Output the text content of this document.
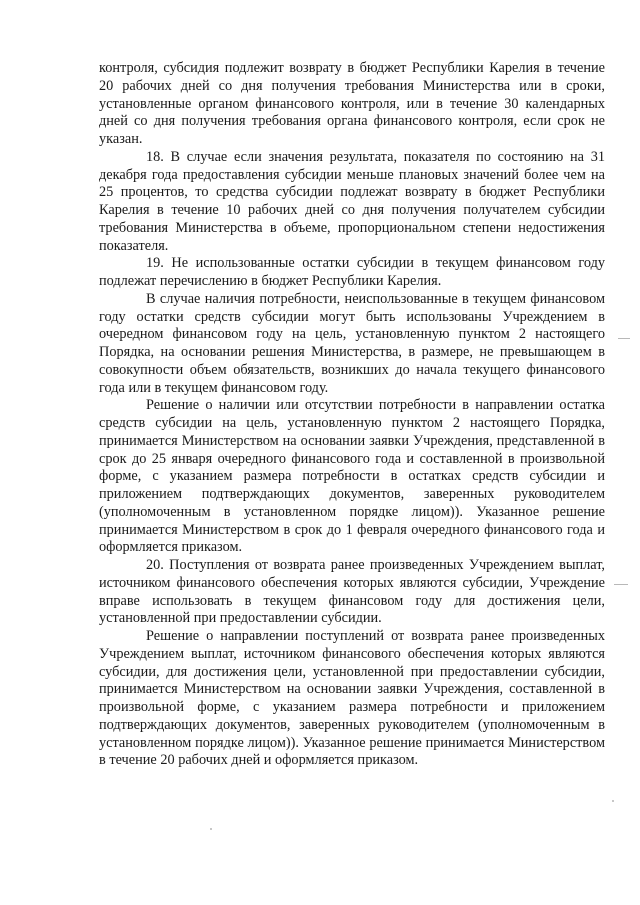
контроля, субсидия подлежит возврату в бюджет Республики Карелия в течение 20 рабочих дней со дня получения требования Министерства или в сроки, установленные органом финансового контроля, или в течение 30 календарных дней со дня получения требования органа финансового контроля, если срок не указан.

18. В случае если значения результата, показателя по состоянию на 31 декабря года предоставления субсидии меньше плановых значений более чем на 25 процентов, то средства субсидии подлежат возврату в бюджет Республики Карелия в течение 10 рабочих дней со дня получения получателем субсидии требования Министерства в объеме, пропорциональном степени недостижения показателя.

19. Не использованные остатки субсидии в текущем финансовом году подлежат перечислению в бюджет Республики Карелия.

В случае наличия потребности, неиспользованные в текущем финансовом году остатки средств субсидии могут быть использованы Учреждением в очередном финансовом году на цель, установленную пунктом 2 настоящего Порядка, на основании решения Министерства, в размере, не превышающем в совокупности объем обязательств, возникших до начала текущего финансового года или в текущем финансовом году.

Решение о наличии или отсутствии потребности в направлении остатка средств субсидии на цель, установленную пунктом 2 настоящего Порядка, принимается Министерством на основании заявки Учреждения, представленной в срок до 25 января очередного финансового года и составленной в произвольной форме, с указанием размера потребности в остатках средств субсидии и приложением подтверждающих документов, заверенных руководителем (уполномоченным в установленном порядке лицом)). Указанное решение принимается Министерством в срок до 1 февраля очередного финансового года и оформляется приказом.

20. Поступления от возврата ранее произведенных Учреждением выплат, источником финансового обеспечения которых являются субсидии, Учреждение вправе использовать в текущем финансовом году для достижения цели, установленной при предоставлении субсидии.

Решение о направлении поступлений от возврата ранее произведенных Учреждением выплат, источником финансового обеспечения которых являются субсидии, для достижения цели, установленной при предоставлении субсидии, принимается Министерством на основании заявки Учреждения, составленной в произвольной форме, с указанием размера потребности и приложением подтверждающих документов, заверенных руководителем (уполномоченным в установленном порядке лицом)). Указанное решение принимается Министерством в течение 20 рабочих дней и оформляется приказом.
